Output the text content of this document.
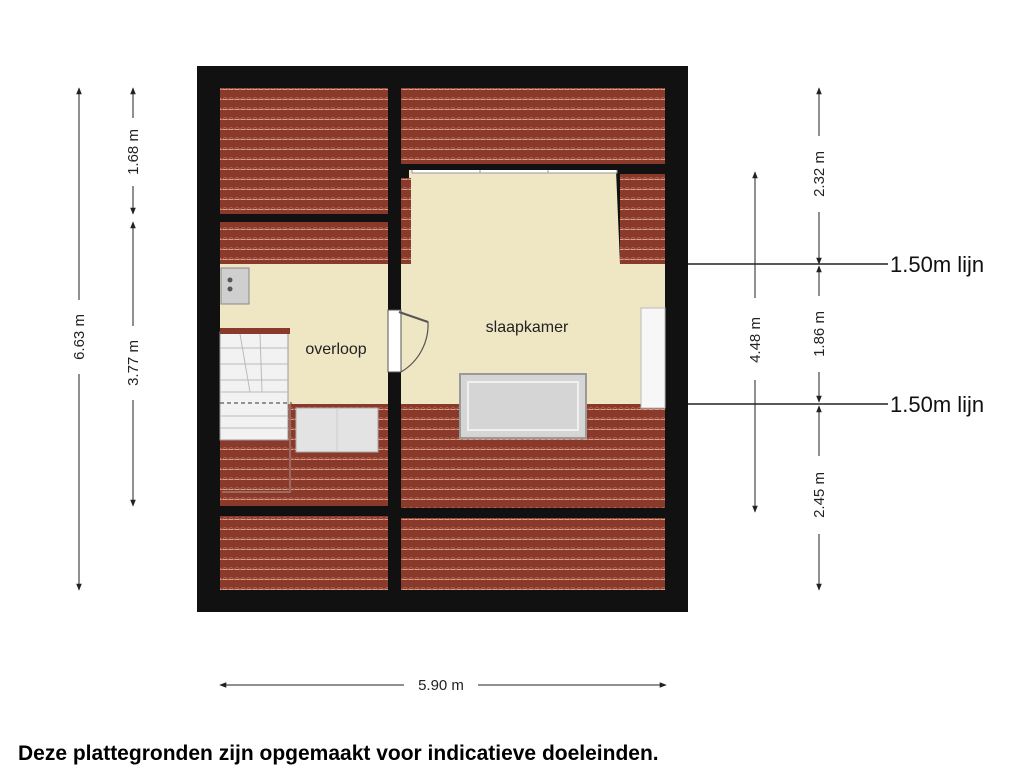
overloop
slaapkamer
6.63 m
1.68 m
3.77 m
2.32 m
1.86 m
2.45 m
4.48 m
1.50m lijn
1.50m lijn
5.90 m

Deze plattegronden zijn opgemaakt voor indicatieve doeleinden.
